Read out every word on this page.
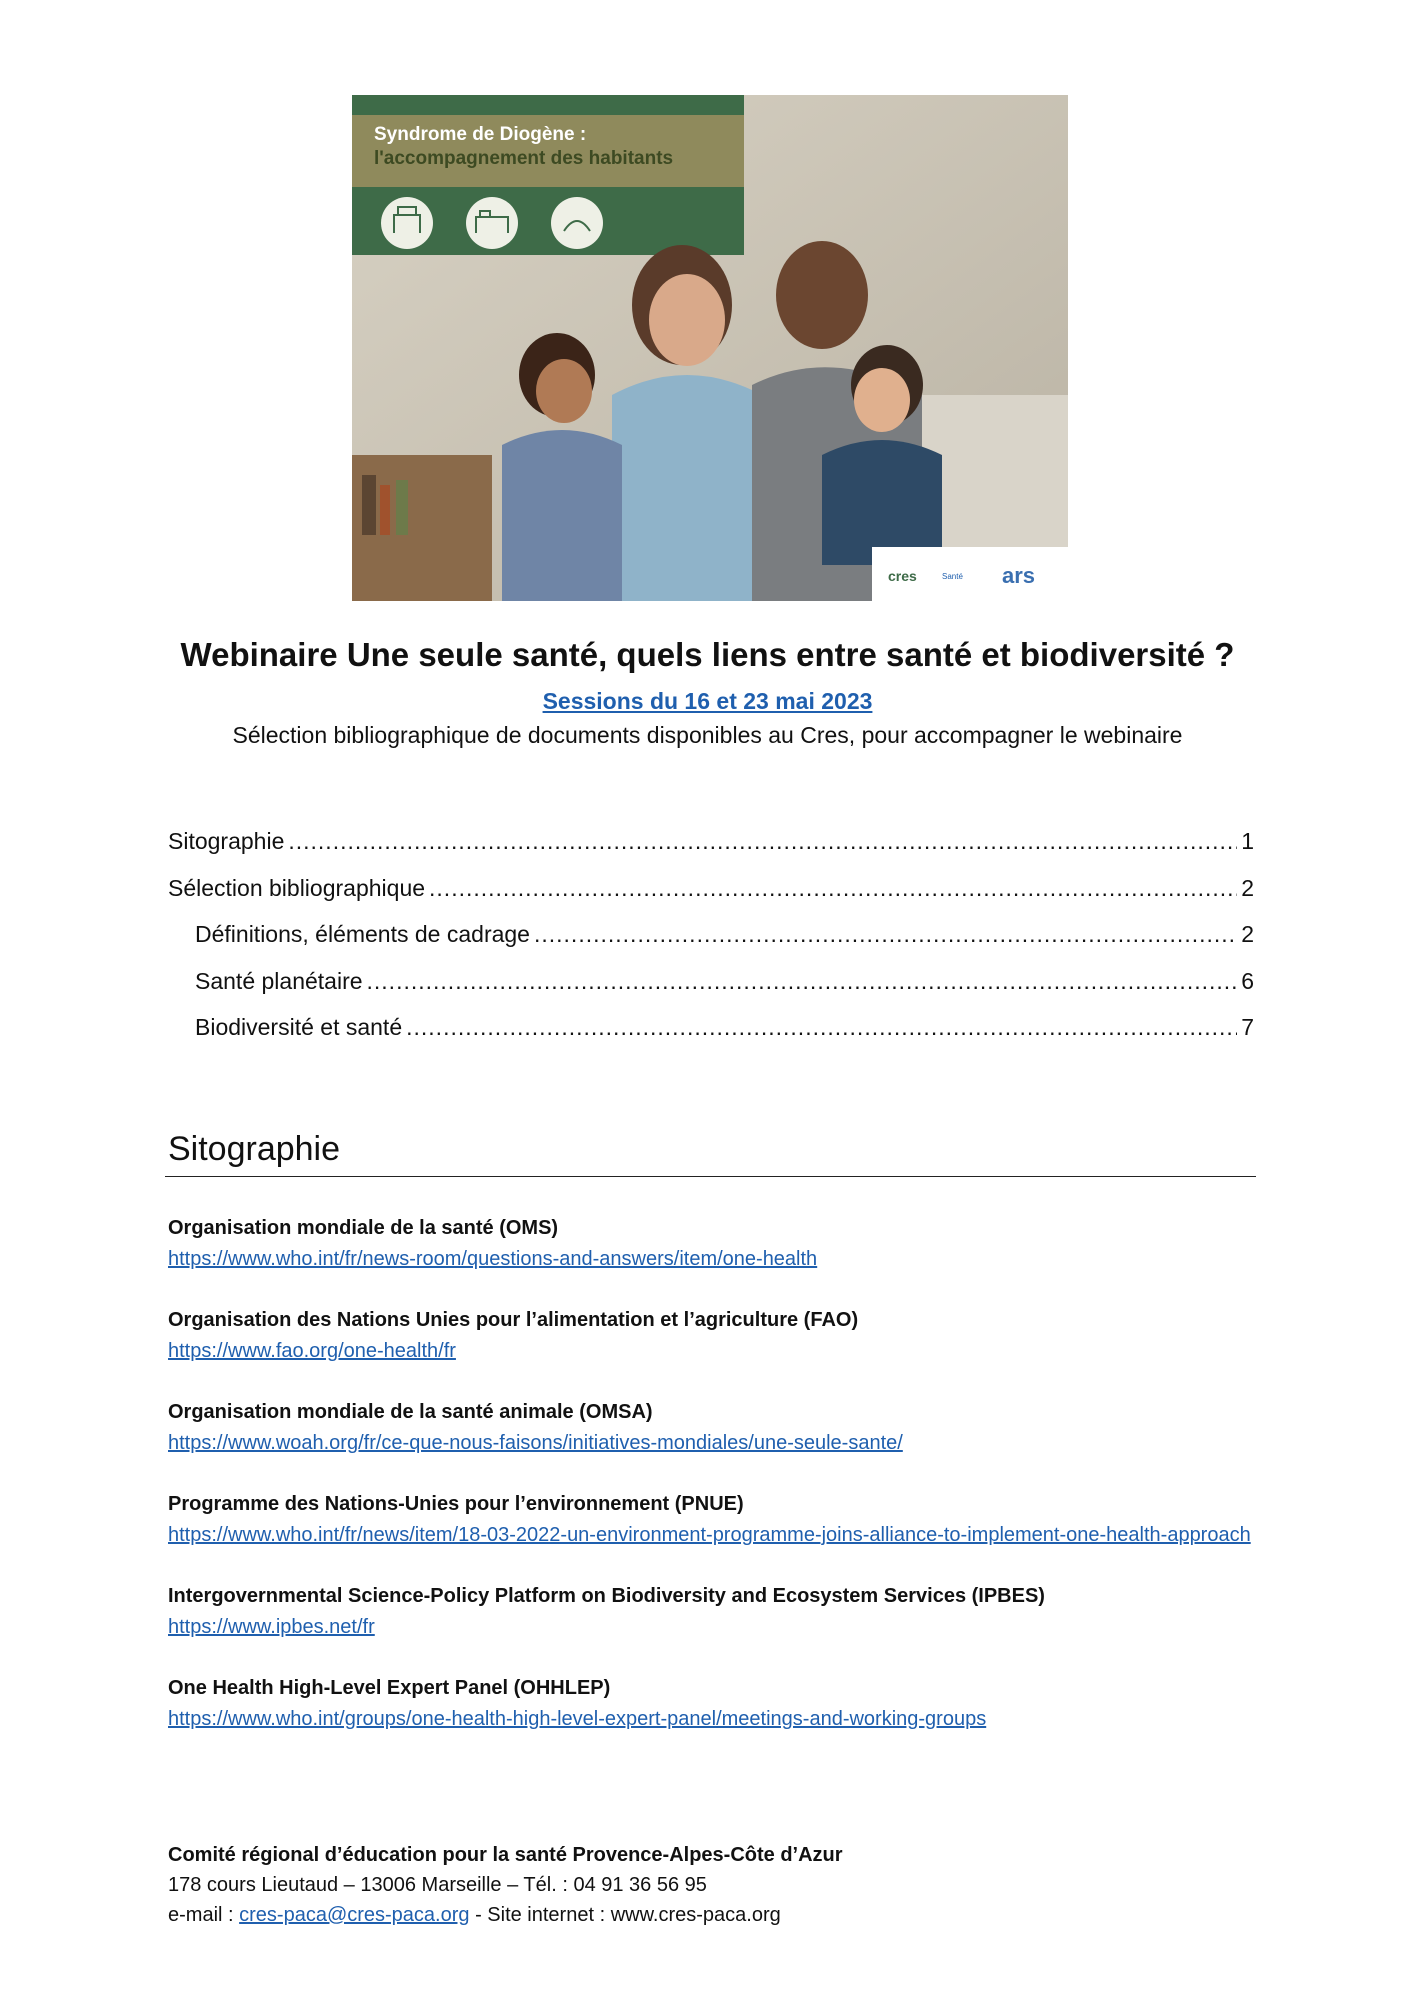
cres	Santé ars
Syndrome de Diogène :
l'accompagnement des habitants
Webinaire Une seule santé, quels liens entre santé et biodiversité ?
Sessions du 16 et 23 mai 2023
Sélection bibliographique de documents disponibles au Cres, pour accompagner le webinaire
Sitographie .....	1
Sélection bibliographique .....	2
Définitions, éléments de cadrage .....	2
Santé planétaire .....	6
Biodiversité et santé .....	7
Sitographie
Organisation mondiale de la santé (OMS)
https://www.who.int/fr/news-room/questions-and-answers/item/one-health
Organisation des Nations Unies pour l’alimentation et l’agriculture (FAO)
https://www.fao.org/one-health/fr
Organisation mondiale de la santé animale (OMSA)
https://www.woah.org/fr/ce-que-nous-faisons/initiatives-mondiales/une-seule-sante/
Programme des Nations-Unies pour l’environnement (PNUE)
https://www.who.int/fr/news/item/18-03-2022-un-environment-programme-joins-alliance-to-implement-one-health-approach
Intergovernmental Science-Policy Platform on Biodiversity and Ecosystem Services (IPBES)
https://www.ipbes.net/fr
One Health High-Level Expert Panel (OHHLEP)
https://www.who.int/groups/one-health-high-level-expert-panel/meetings-and-working-groups
Comité régional d’éducation pour la santé Provence-Alpes-Côte d’Azur
178 cours Lieutaud – 13006 Marseille – Tél. : 04 91 36 56 95
e-mail : cres-paca@cres-paca.org - Site internet : www.cres-paca.org
